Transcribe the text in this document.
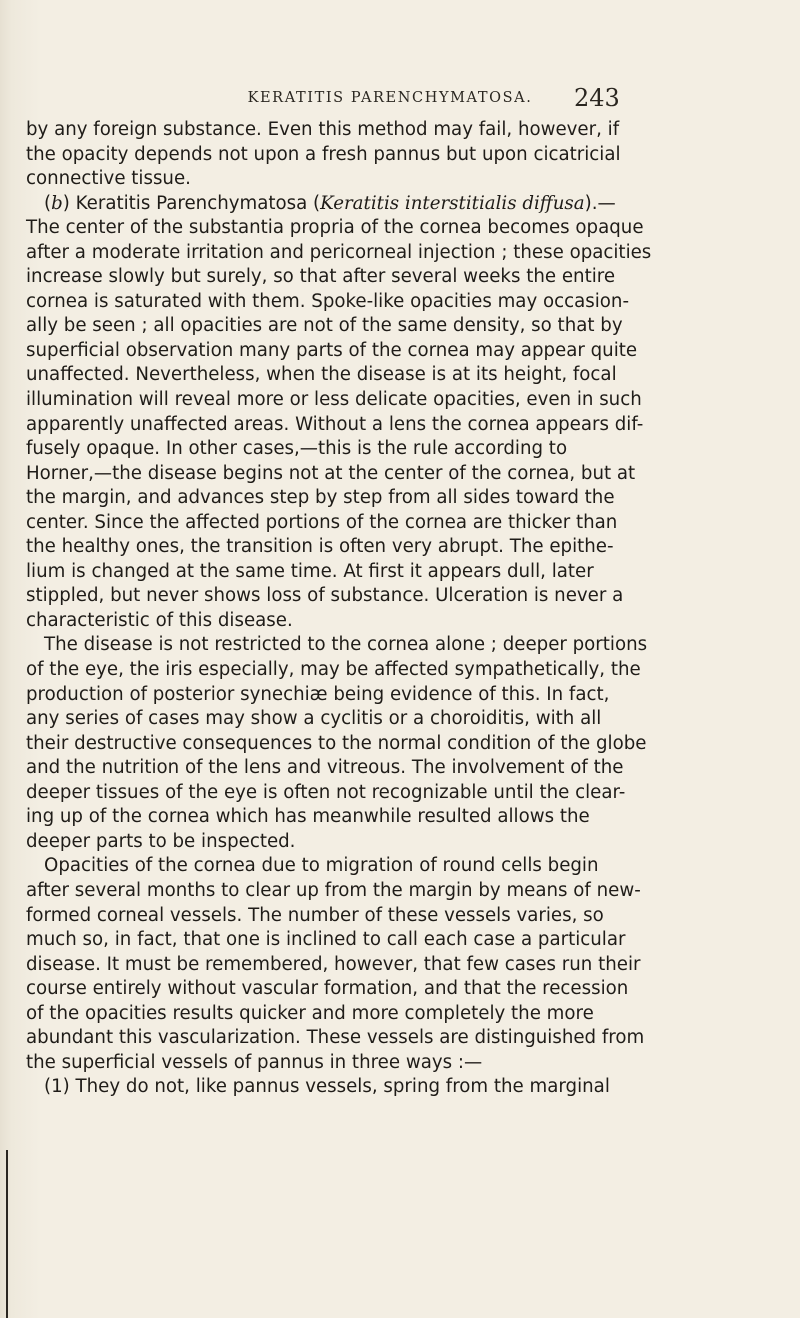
KERATITIS PARENCHYMATOSA.	243
by any foreign substance. Even this method may fail, however, if
the opacity depends not upon a fresh pannus but upon cicatricial
connective tissue.
(b) Keratitis Parenchymatosa (Keratitis interstitialis diffusa).—
The center of the substantia propria of the cornea becomes opaque
after a moderate irritation and pericorneal injection ; these opacities
increase slowly but surely, so that after several weeks the entire
cornea is saturated with them. Spoke-like opacities may occasion-
ally be seen ; all opacities are not of the same density, so that by
superficial observation many parts of the cornea may appear quite
unaffected. Nevertheless, when the disease is at its height, focal
illumination will reveal more or less delicate opacities, even in such
apparently unaffected areas. Without a lens the cornea appears dif-
fusely opaque. In other cases,—this is the rule according to
Horner,—the disease begins not at the center of the cornea, but at
the margin, and advances step by step from all sides toward the
center. Since the affected portions of the cornea are thicker than
the healthy ones, the transition is often very abrupt. The epithe-
lium is changed at the same time. At first it appears dull, later
stippled, but never shows loss of substance. Ulceration is never a
characteristic of this disease.
The disease is not restricted to the cornea alone ; deeper portions
of the eye, the iris especially, may be affected sympathetically, the
production of posterior synechiæ being evidence of this. In fact,
any series of cases may show a cyclitis or a choroiditis, with all
their destructive consequences to the normal condition of the globe
and the nutrition of the lens and vitreous. The involvement of the
deeper tissues of the eye is often not recognizable until the clear-
ing up of the cornea which has meanwhile resulted allows the
deeper parts to be inspected.
Opacities of the cornea due to migration of round cells begin
after several months to clear up from the margin by means of new-
formed corneal vessels. The number of these vessels varies, so
much so, in fact, that one is inclined to call each case a particular
disease. It must be remembered, however, that few cases run their
course entirely without vascular formation, and that the recession
of the opacities results quicker and more completely the more
abundant this vascularization. These vessels are distinguished from
the superficial vessels of pannus in three ways :—
(1) They do not, like pannus vessels, spring from the marginal
